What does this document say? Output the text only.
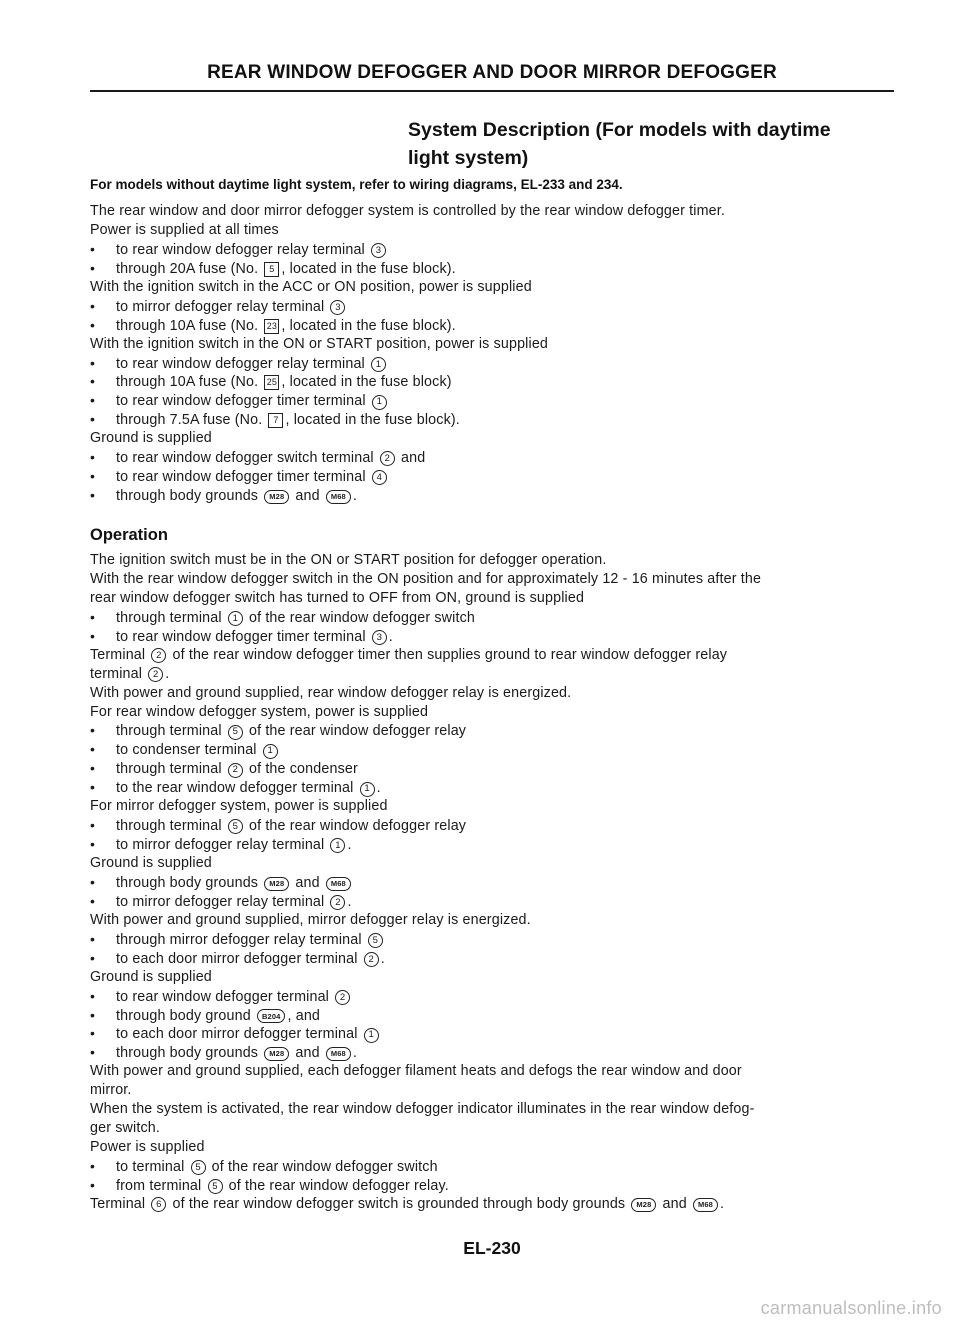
REAR WINDOW DEFOGGER AND DOOR MIRROR DEFOGGER
System Description (For models with daytime
light system)
For models without daytime light system, refer to wiring diagrams, EL-233 and 234.
The rear window and door mirror defogger system is controlled by the rear window defogger timer.
Power is supplied at all times
• to rear window defogger relay terminal 3
• through 20A fuse (No. 5 , located in the fuse block).
With the ignition switch in the ACC or ON position, power is supplied
• to mirror defogger relay terminal 3
• through 10A fuse (No. 23 , located in the fuse block).
With the ignition switch in the ON or START position, power is supplied
• to rear window defogger relay terminal 1
• through 10A fuse (No. 25 , located in the fuse block)
• to rear window defogger timer terminal 1
• through 7.5A fuse (No. 7 , located in the fuse block).
Ground is supplied
• to rear window defogger switch terminal 2 and
• to rear window defogger timer terminal 4
• through body grounds M28 and M68 .
Operation
The ignition switch must be in the ON or START position for defogger operation.
With the rear window defogger switch in the ON position and for approximately 12 - 16 minutes after the
rear window defogger switch has turned to OFF from ON, ground is supplied
• through terminal 1 of the rear window defogger switch
• to rear window defogger timer terminal 3 .
Terminal 2 of the rear window defogger timer then supplies ground to rear window defogger relay
terminal 2 .
With power and ground supplied, rear window defogger relay is energized.
For rear window defogger system, power is supplied
• through terminal 5 of the rear window defogger relay
• to condenser terminal 1
• through terminal 2 of the condenser
• to the rear window defogger terminal 1 .
For mirror defogger system, power is supplied
• through terminal 5 of the rear window defogger relay
• to mirror defogger relay terminal 1 .
Ground is supplied
• through body grounds M28 and M68
• to mirror defogger relay terminal 2 .
With power and ground supplied, mirror defogger relay is energized.
• through mirror defogger relay terminal 5
• to each door mirror defogger terminal 2 .
Ground is supplied
• to rear window defogger terminal 2
• through body ground B204 , and
• to each door mirror defogger terminal 1
• through body grounds M28 and M68 .
With power and ground supplied, each defogger filament heats and defogs the rear window and door
mirror.
When the system is activated, the rear window defogger indicator illuminates in the rear window defog-
ger switch.
Power is supplied
• to terminal 5 of the rear window defogger switch
• from terminal 5 of the rear window defogger relay.
Terminal 6 of the rear window defogger switch is grounded through body grounds M28 and M68 .
EL-230
carmanualsonline.info
